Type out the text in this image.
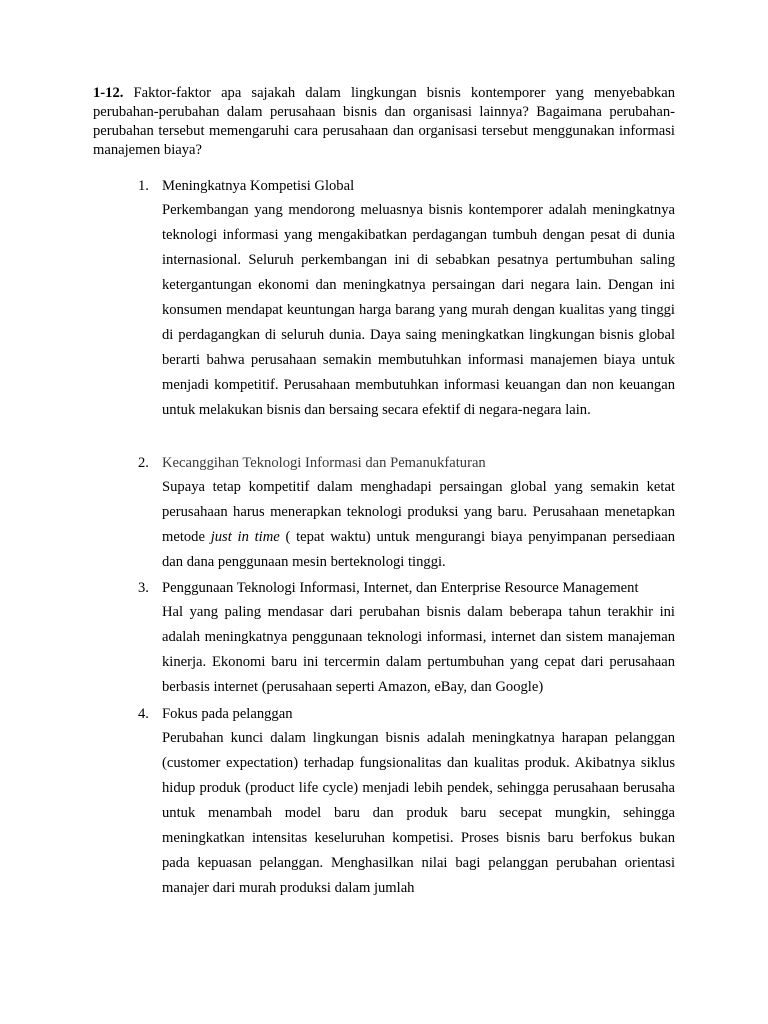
1-12. Faktor-faktor apa sajakah dalam lingkungan bisnis kontemporer yang menyebabkan perubahan-perubahan dalam perusahaan bisnis dan organisasi lainnya? Bagaimana perubahan-perubahan tersebut memengaruhi cara perusahaan dan organisasi tersebut menggunakan informasi manajemen biaya?

1. Meningkatnya Kompetisi Global

Perkembangan yang mendorong meluasnya bisnis kontemporer adalah meningkatnya teknologi informasi yang mengakibatkan perdagangan tumbuh dengan pesat di dunia internasional. Seluruh perkembangan ini di sebabkan pesatnya pertumbuhan saling ketergantungan ekonomi dan meningkatnya persaingan dari negara lain. Dengan ini konsumen mendapat keuntungan harga barang yang murah dengan kualitas yang tinggi di perdagangkan di seluruh dunia. Daya saing meningkatkan lingkungan bisnis global berarti bahwa perusahaan semakin membutuhkan informasi manajemen biaya untuk menjadi kompetitif. Perusahaan membutuhkan informasi keuangan dan non keuangan untuk melakukan bisnis dan bersaing secara efektif di negara-negara lain.

2. Kecanggihan Teknologi Informasi dan Pemanukfaturan

Supaya tetap kompetitif dalam menghadapi persaingan global yang semakin ketat perusahaan harus menerapkan teknologi produksi yang baru. Perusahaan menetapkan metode just in time ( tepat waktu) untuk mengurangi biaya penyimpanan persediaan dan dana penggunaan mesin berteknologi tinggi.

3. Penggunaan Teknologi Informasi, Internet, dan Enterprise Resource Management

Hal yang paling mendasar dari perubahan bisnis dalam beberapa tahun terakhir ini adalah meningkatnya penggunaan teknologi informasi, internet dan sistem manajeman kinerja. Ekonomi baru ini tercermin dalam pertumbuhan yang cepat dari perusahaan berbasis internet (perusahaan seperti Amazon, eBay, dan Google)

4. Fokus pada pelanggan

Perubahan kunci dalam lingkungan bisnis adalah meningkatnya harapan pelanggan (customer expectation) terhadap fungsionalitas dan kualitas produk. Akibatnya siklus hidup produk (product life cycle) menjadi lebih pendek, sehingga perusahaan berusaha untuk menambah model baru dan produk baru secepat mungkin, sehingga meningkatkan intensitas keseluruhan kompetisi. Proses bisnis baru berfokus bukan pada kepuasan pelanggan. Menghasilkan nilai bagi pelanggan perubahan orientasi manajer dari murah produksi dalam jumlah
